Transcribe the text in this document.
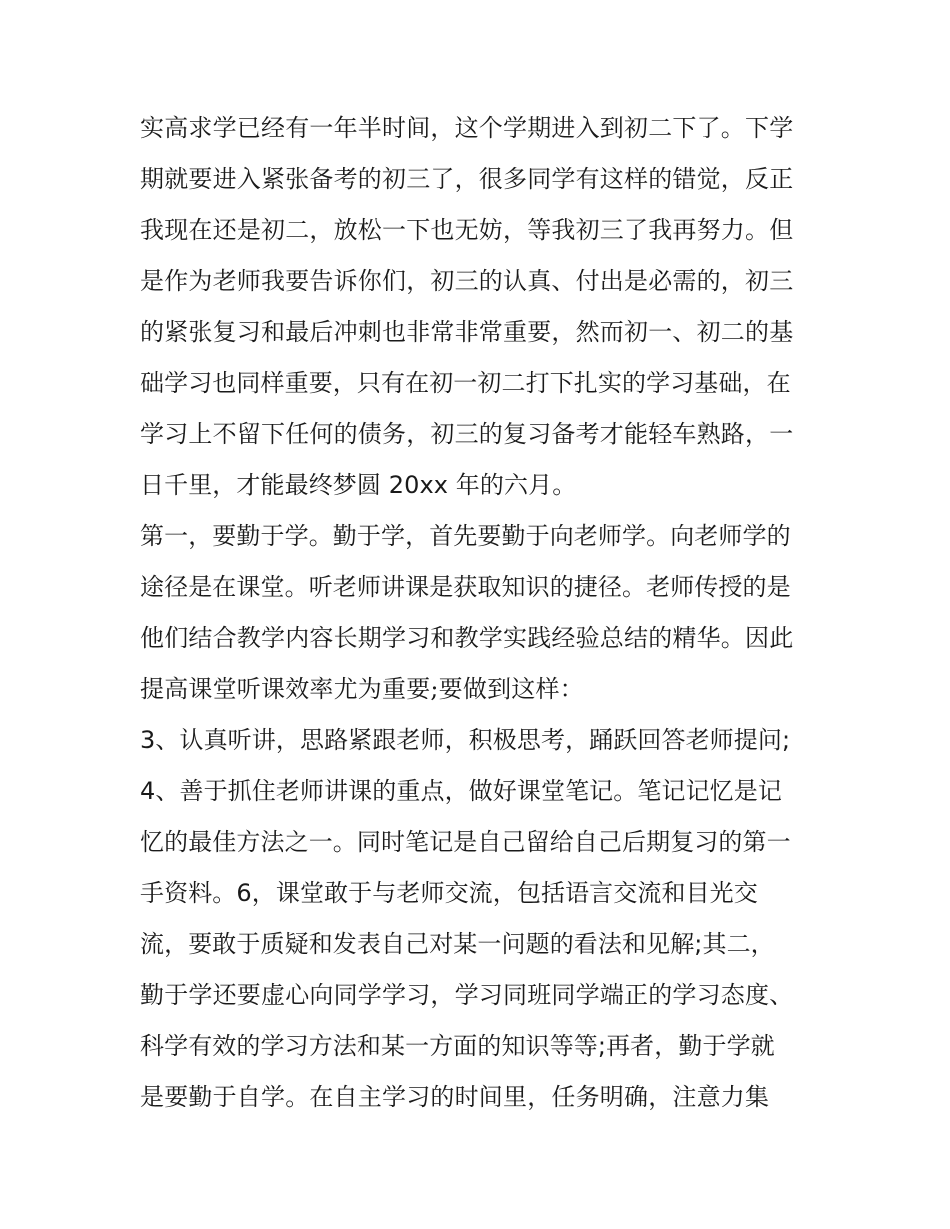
实高求学已经有一年半时间，这个学期进入到初二下了。下学
期就要进入紧张备考的初三了，很多同学有这样的错觉，反正
我现在还是初二，放松一下也无妨，等我初三了我再努力。但
是作为老师我要告诉你们，初三的认真、付出是必需的，初三
的紧张复习和最后冲刺也非常非常重要，然而初一、初二的基
础学习也同样重要，只有在初一初二打下扎实的学习基础，在
学习上不留下任何的债务，初三的复习备考才能轻车熟路，一
日千里，才能最终梦圆 20xx 年的六月。
第一，要勤于学。勤于学，首先要勤于向老师学。向老师学的
途径是在课堂。听老师讲课是获取知识的捷径。老师传授的是
他们结合教学内容长期学习和教学实践经验总结的精华。因此
提高课堂听课效率尤为重要;要做到这样：
3、认真听讲，思路紧跟老师，积极思考，踊跃回答老师提问;
4、善于抓住老师讲课的重点，做好课堂笔记。笔记记忆是记
忆的最佳方法之一。同时笔记是自己留给自己后期复习的第一
手资料。6，课堂敢于与老师交流，包括语言交流和目光交
流，要敢于质疑和发表自己对某一问题的看法和见解;其二，
勤于学还要虚心向同学学习，学习同班同学端正的学习态度、
科学有效的学习方法和某一方面的知识等等;再者，勤于学就
是要勤于自学。在自主学习的时间里，任务明确，注意力集
